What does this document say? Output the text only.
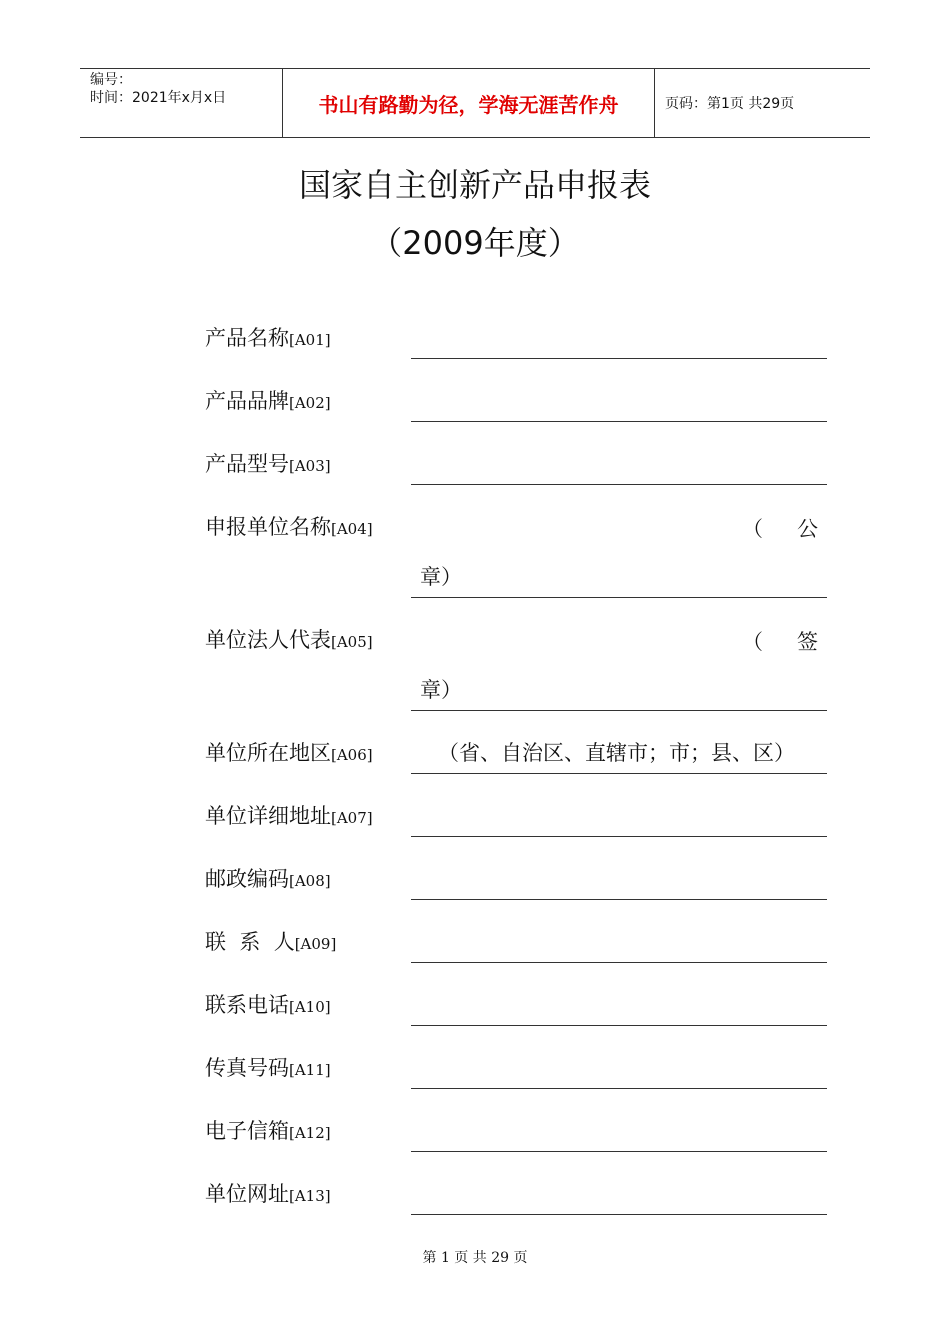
编号：
时间：2021年x月x日	书山有路勤为径，学海无涯苦作舟	页码：第1页 共29页
国家自主创新产品申报表
（2009年度）
产品名称[A01]
产品品牌[A02]
产品型号[A03]
申报单位名称[A04]	（ 公
章）
单位法人代表[A05]	（ 签
章）
单位所在地区[A06]	（省、自治区、直辖市；市；县、区）
单位详细地址[A07]
邮政编码[A08]
联  系  人[A09]
联系电话[A10]
传真号码[A11]
电子信箱[A12]
单位网址[A13]
第 1 页 共 29 页
